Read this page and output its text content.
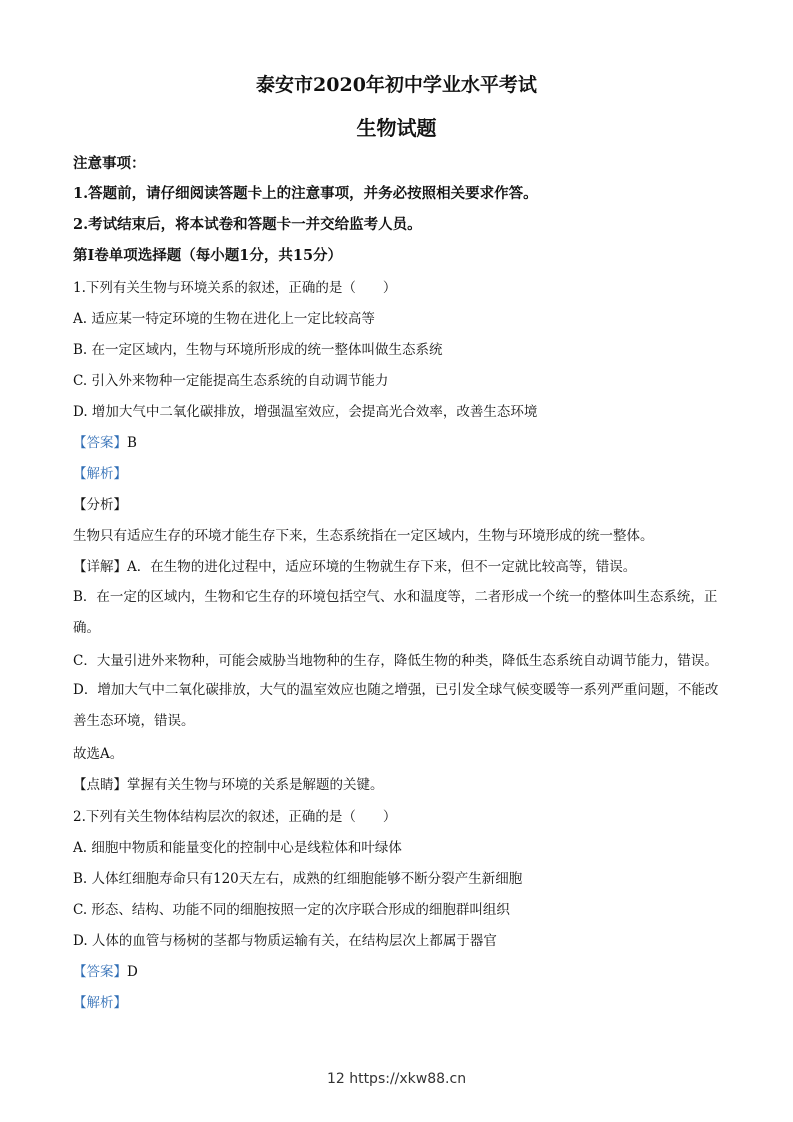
泰安市2020年初中学业水平考试
生物试题
注意事项：
1.答题前，请仔细阅读答题卡上的注意事项，并务必按照相关要求作答。
2.考试结束后，将本试卷和答题卡一并交给监考人员。
第Ⅰ卷单项选择题（每小题1分，共15分）
1.下列有关生物与环境关系的叙述，正确的是（　　）
A. 适应某一特定环境的生物在进化上一定比较高等
B. 在一定区域内，生物与环境所形成的统一整体叫做生态系统
C. 引入外来物种一定能提高生态系统的自动调节能力
D. 增加大气中二氧化碳排放，增强温室效应，会提高光合效率，改善生态环境
【答案】B
【解析】
【分析】
生物只有适应生存的环境才能生存下来，生态系统指在一定区域内，生物与环境形成的统一整体。
【详解】A．在生物的进化过程中，适应环境的生物就生存下来，但不一定就比较高等，错误。
B．在一定的区域内，生物和它生存的环境包括空气、水和温度等，二者形成一个统一的整体叫生态系统，正确。
C．大量引进外来物种，可能会威胁当地物种的生存，降低生物的种类，降低生态系统自动调节能力，错误。
D．增加大气中二氧化碳排放，大气的温室效应也随之增强，已引发全球气候变暖等一系列严重问题，不能改善生态环境，错误。
故选A。
【点睛】掌握有关生物与环境的关系是解题的关键。
2.下列有关生物体结构层次的叙述，正确的是（　　）
A. 细胞中物质和能量变化的控制中心是线粒体和叶绿体
B. 人体红细胞寿命只有120天左右，成熟的红细胞能够不断分裂产生新细胞
C. 形态、结构、功能不同的细胞按照一定的次序联合形成的细胞群叫组织
D. 人体的血管与杨树的茎都与物质运输有关，在结构层次上都属于器官
【答案】D
【解析】
12 https://xkw88.cn
